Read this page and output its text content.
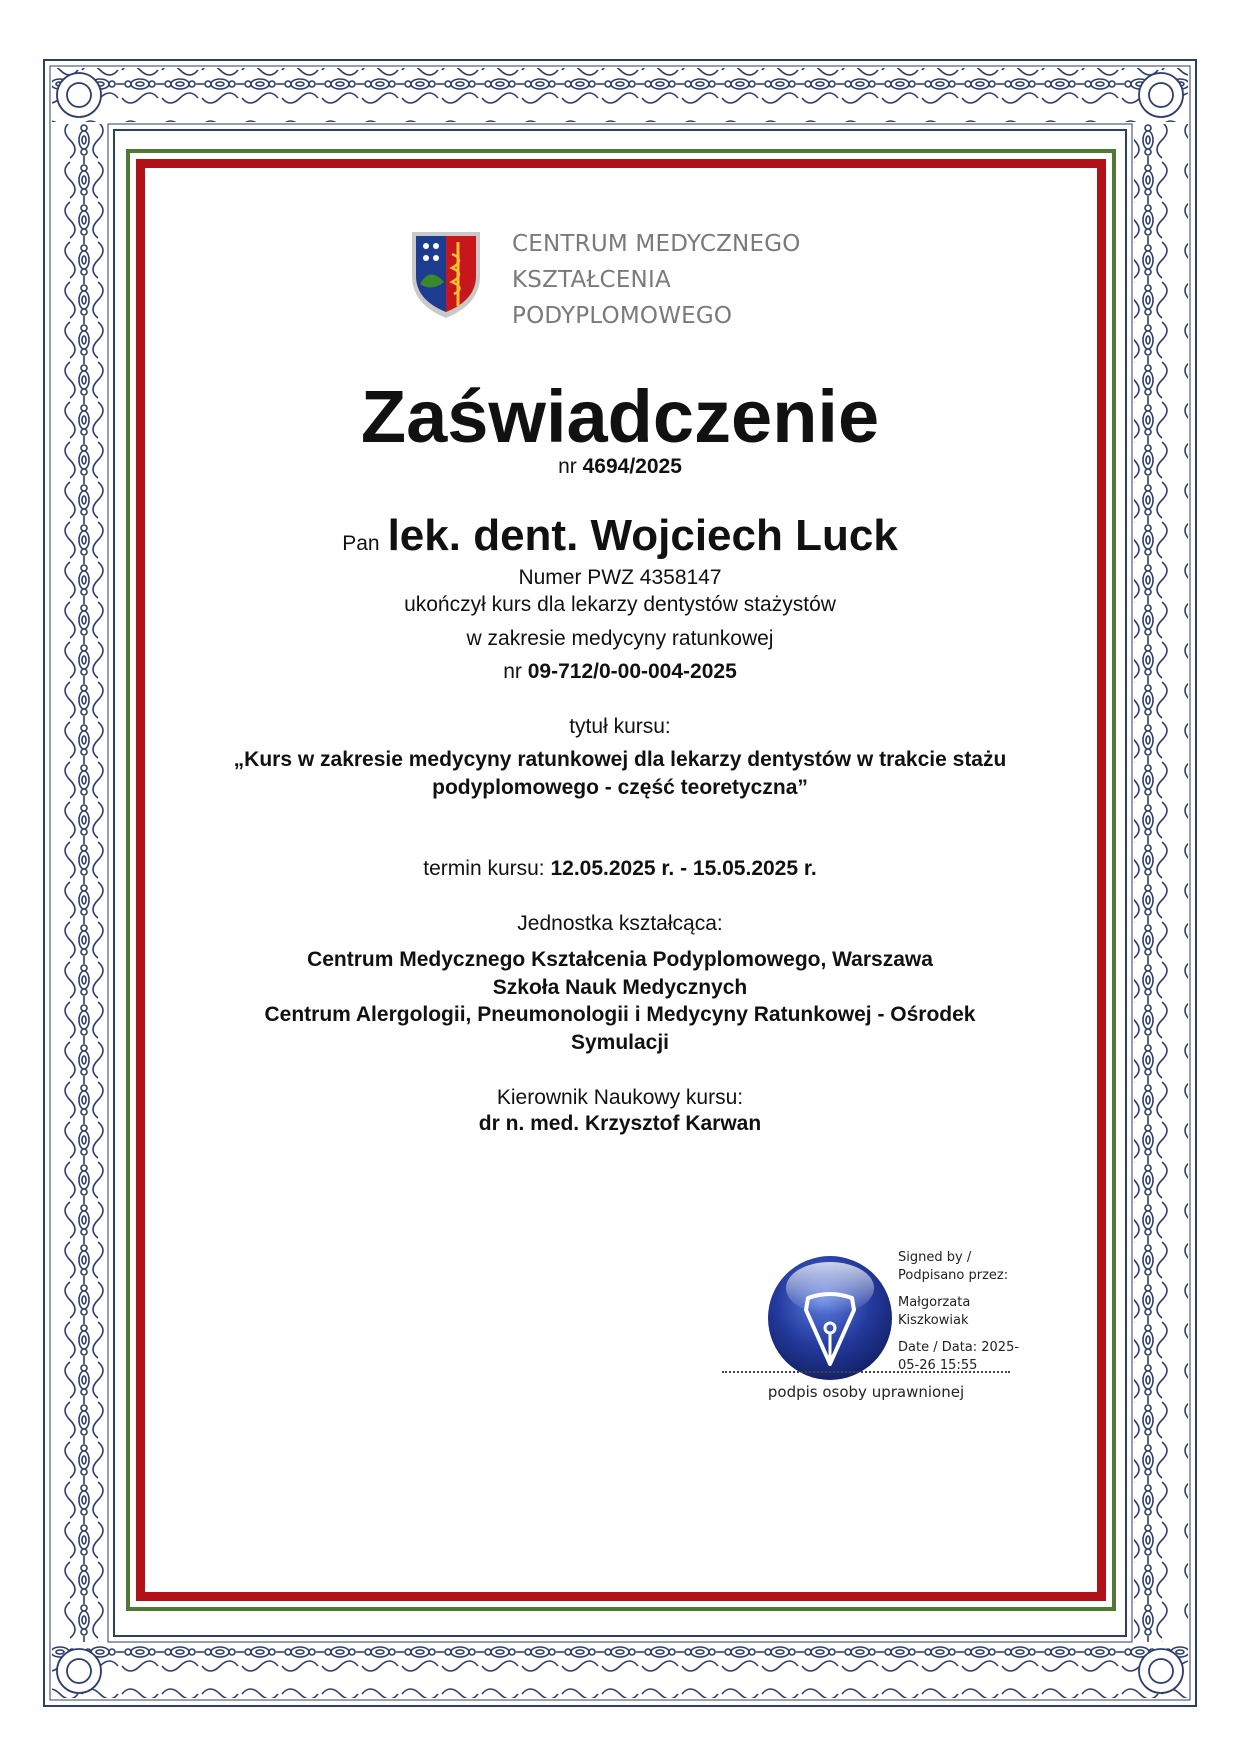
CENTRUM MEDYCZNEGO
KSZTAŁCENIA
PODYPLOMOWEGO
Zaświadczenie
nr 4694/2025
Pan lek. dent. Wojciech Luck
Numer PWZ 4358147
ukończył kurs dla lekarzy dentystów stażystów
w zakresie medycyny ratunkowej
nr 09-712/0-00-004-2025
tytuł kursu:
„Kurs w zakresie medycyny ratunkowej dla lekarzy dentystów w trakcie stażu
podyplomowego - część teoretyczna”
termin kursu: 12.05.2025 r. - 15.05.2025 r.
Jednostka kształcąca:
Centrum Medycznego Kształcenia Podyplomowego, Warszawa
Szkoła Nauk Medycznych
Centrum Alergologii, Pneumonologii i Medycyny Ratunkowej - Ośrodek
Symulacji
Kierownik Naukowy kursu:
dr n. med. Krzysztof Karwan
Signed by /
Podpisano przez:
Małgorzata
Kiszkowiak
Date / Data: 2025-
05-26 15:55
podpis osoby uprawnionej
